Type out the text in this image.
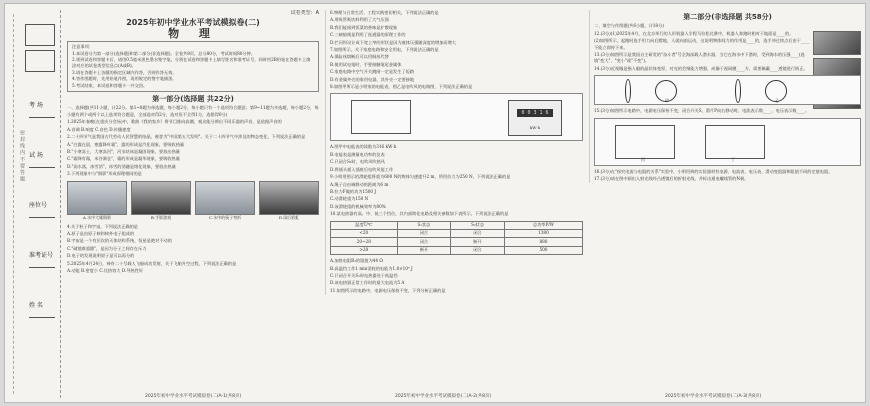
密 封 线 内 不 要 答 题
考 场
试 场
座位号
准考证号
姓 名
试卷类型：A
2025年初中学业水平考试模拟卷(二)
物 理
注意事项：
1.本试卷分为第一部分(选择题)和第二部分(非选择题)。全卷共8页，总分80分，考试时间80分钟。
2.领到试卷和答题卡后，请用0.5毫米黑色墨水签字笔，分别在试卷和答题卡上填写姓名和准考证号，同时用2B铅笔在答题卡上填涂对应的试卷类型信息点(A或B)。
3.请在答题卡上各题的指定区域内作答，否则作答无效。
4.答作图题时，先用铅笔作图，再用规定的签字笔描黑。
5.考试结束，本试卷和答题卡一并交回。
第一部分(选择题 共22分)
一、选择题(共11小题，计22分。第1~8题为单选题，每小题2分，每小题只有一个选项符合题意；第9~11题为多选题，每小题2分，每小题有两个或两个以上选项符合题意，全部选对得2分，选对但不全得1分，选错得0分)
1.2025年春晚(在重庆分会场)中，歌曲《我的家乡》将节目推向高潮，观众能分辨出不同乐器的声音，是依据声音的
A.音调 B.响度 C.音色 D.传播速度
2.二十四节气是我国古代劳动人民智慧的结晶，被誉为"中国第五大发明"。关于二十四节气中涉及的物态变化，下列说法正确的是
A."白露在晨，寒露降叶霜"，露的形成是汽化现象，要吸收热量
B."小寒冻土，大寒冻河"，河水结冰是凝固现象，要放出热量
C."霜降有霜，米谷满仓"，霜的形成是凝华现象，要吸收热量
D."雨水落，冰雪消"，冰雪的消融是熔化现象，要放出热量
3.下列现象中与"倒影"形成原理相同的是
A.水中大雁倒影	B.手影游戏	C.水中的筷子弯折	D.雨后彩虹
4.关于粒子和宇宙，下列说法正确的是
A.原子是由原子核和核外电子组成的
B.宇宙是一个有层次的天体结构系统，恒星是绝对不动的
C."破镜难重圆"，是因为分子之间存在斥力
D.电子的发现说明原子是可以再分的
5.2025年4月24日，神舟二十号载人飞船成功发射，关于飞船升空过程，下列说法正确的是
A.动能 B.密度小 C.比热容大 D.导热性好
6.物理与日常生活、工程实践密切相关，下列说法正确的是
A.用吸管吸饮料利用了大气压强
B.我们能闻到饭菜的香味是扩散现象
C.三峡船闸是利用了连通器的原理工作的
D.拦河坝设计成下宽上窄的形状是因为液体压强随深度的增加而增大
7.如图所示，关于家庭电路和安全用电，下列说法正确的是
A.保险丝熔断后可以用铜丝代替
B.使用试电笔时，手要接触笔尾金属体
C.家庭电路中空气开关跳闸一定是发生了短路
D.有金属外壳的家用电器，其外壳一定要接地
8.如图甲所示是小明家的电能表，图乙是电吹风的电路图，下列说法正确的是
0 0 3 1 6
kW·h
A.图甲中电能表的读数为316 kW·h
B.电能表是测量电功率的仪表
C.只闭合S₁时，电吹风吹热风
D.将插头插入插座后电吹风能工作
9.小明用图示的滑轮组将重为600 N的物体匀速提升2 m，所用拉力为250 N，下列说法正确的是
A.绳子自由端移动的距离为6 m
B.拉力F做的功为1500 J
C.动滑轮重为150 N
D.该滑轮组的机械效率为80%
10.某电热器有高、中、低三个挡位，其内部简化电路及相关参数如下表所示，下列说法正确的是
温度T/℃	S₁状态	S₂状态	总功率P/W
<20	闭合	闭合	1380
20~28	闭合	断开	880
>28	断开	闭合	500
A.加热电阻R₁的阻值为44 Ω
B.高温挡工作1 min消耗的电能为1.8×10⁴ J
C.只闭合开关S₁时电热器处于低温挡
D.该电热器正常工作时的最大电流为5 A
11.如图所示的电路中，电源电压保持不变，下列分析正确的是
第二部分(非选择题 共58分)
二、填空与作图题(共6小题，计18分)
12.(3分)(1)2025年4月，在北京举行的人形机器人半程马拉松比赛中，机器人奔跑时相对于地面是____的。
(2)如图所示，起跑时选手用力向后蹬地，人就向前运动，这说明物体间力的作用是____的，选手冲过终点后由于____不能立即停下来。
13.(3分)如图所示是我国自主研发的"奋斗者"号全海深载人潜水器，当它在海水中下潜时，受到海水的压强____(选填"变大"、"变小"或"不变")。
14.(3分)近视眼是指人眼的晶状体变厚，对光的会聚能力增强，成像于视网膜____方，需要佩戴____透镜进行矫正。
甲	乙
15.(3分)如图所示电路中，电源电压保持不变，闭合开关S，滑片P向右移动时，电流表示数____，电压表示数____。
丙	丁
16.(3分)在"探究电流与电阻的关系"实验中，小明用到的实验器材有电源、电流表、电压表、滑动变阻器和阻值不同的定值电阻。
17.(3分)请在图中画出入射光线经凸透镜后的折射光线，并标出通电螺线管的N极。
2025年初中学业水平考试模拟卷(二)A-1(共8页)	2025年初中学业水平考试模拟卷(二)A-2(共8页)	2025年初中学业水平考试模拟卷(二)A-3(共8页)
